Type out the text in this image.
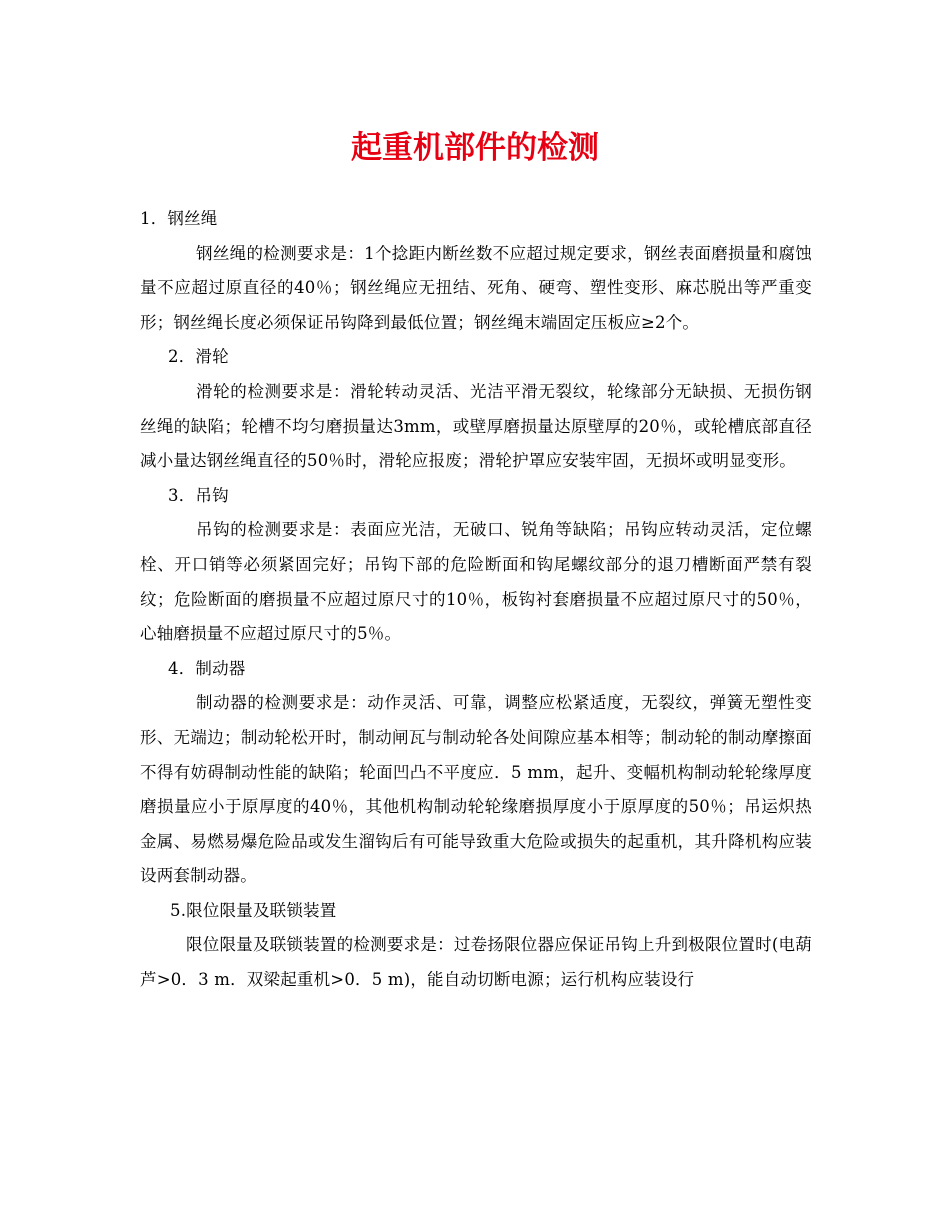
起重机部件的检测

1．钢丝绳

钢丝绳的检测要求是：1个捻距内断丝数不应超过规定要求，钢丝表面磨损量和腐蚀量不应超过原直径的40％；钢丝绳应无扭结、死角、硬弯、塑性变形、麻芯脱出等严重变形；钢丝绳长度必须保证吊钩降到最低位置；钢丝绳末端固定压板应≥2个。

2．滑轮

滑轮的检测要求是：滑轮转动灵活、光洁平滑无裂纹，轮缘部分无缺损、无损伤钢丝绳的缺陷；轮槽不均匀磨损量达3mm，或壁厚磨损量达原壁厚的20％，或轮槽底部直径减小量达钢丝绳直径的50％时，滑轮应报废；滑轮护罩应安装牢固，无损坏或明显变形。

3．吊钩

吊钩的检测要求是：表面应光洁，无破口、锐角等缺陷；吊钩应转动灵活，定位螺栓、开口销等必须紧固完好；吊钩下部的危险断面和钩尾螺纹部分的退刀槽断面严禁有裂纹；危险断面的磨损量不应超过原尺寸的10％，板钩衬套磨损量不应超过原尺寸的50％，心轴磨损量不应超过原尺寸的5％。

4．制动器

制动器的检测要求是：动作灵活、可靠，调整应松紧适度，无裂纹，弹簧无塑性变形、无端边；制动轮松开时，制动闸瓦与制动轮各处间隙应基本相等；制动轮的制动摩擦面不得有妨碍制动性能的缺陷；轮面凹凸不平度应．5 mm，起升、变幅机构制动轮轮缘厚度磨损量应小于原厚度的40％，其他机构制动轮轮缘磨损厚度小于原厚度的50％；吊运炽热金属、易燃易爆危险品或发生溜钩后有可能导致重大危险或损失的起重机，其升降机构应装设两套制动器。

5.限位限量及联锁装置

限位限量及联锁装置的检测要求是：过卷扬限位器应保证吊钩上升到极限位置时(电葫芦>0．3 m．双梁起重机>0．5 m)，能自动切断电源；运行机构应装设行
